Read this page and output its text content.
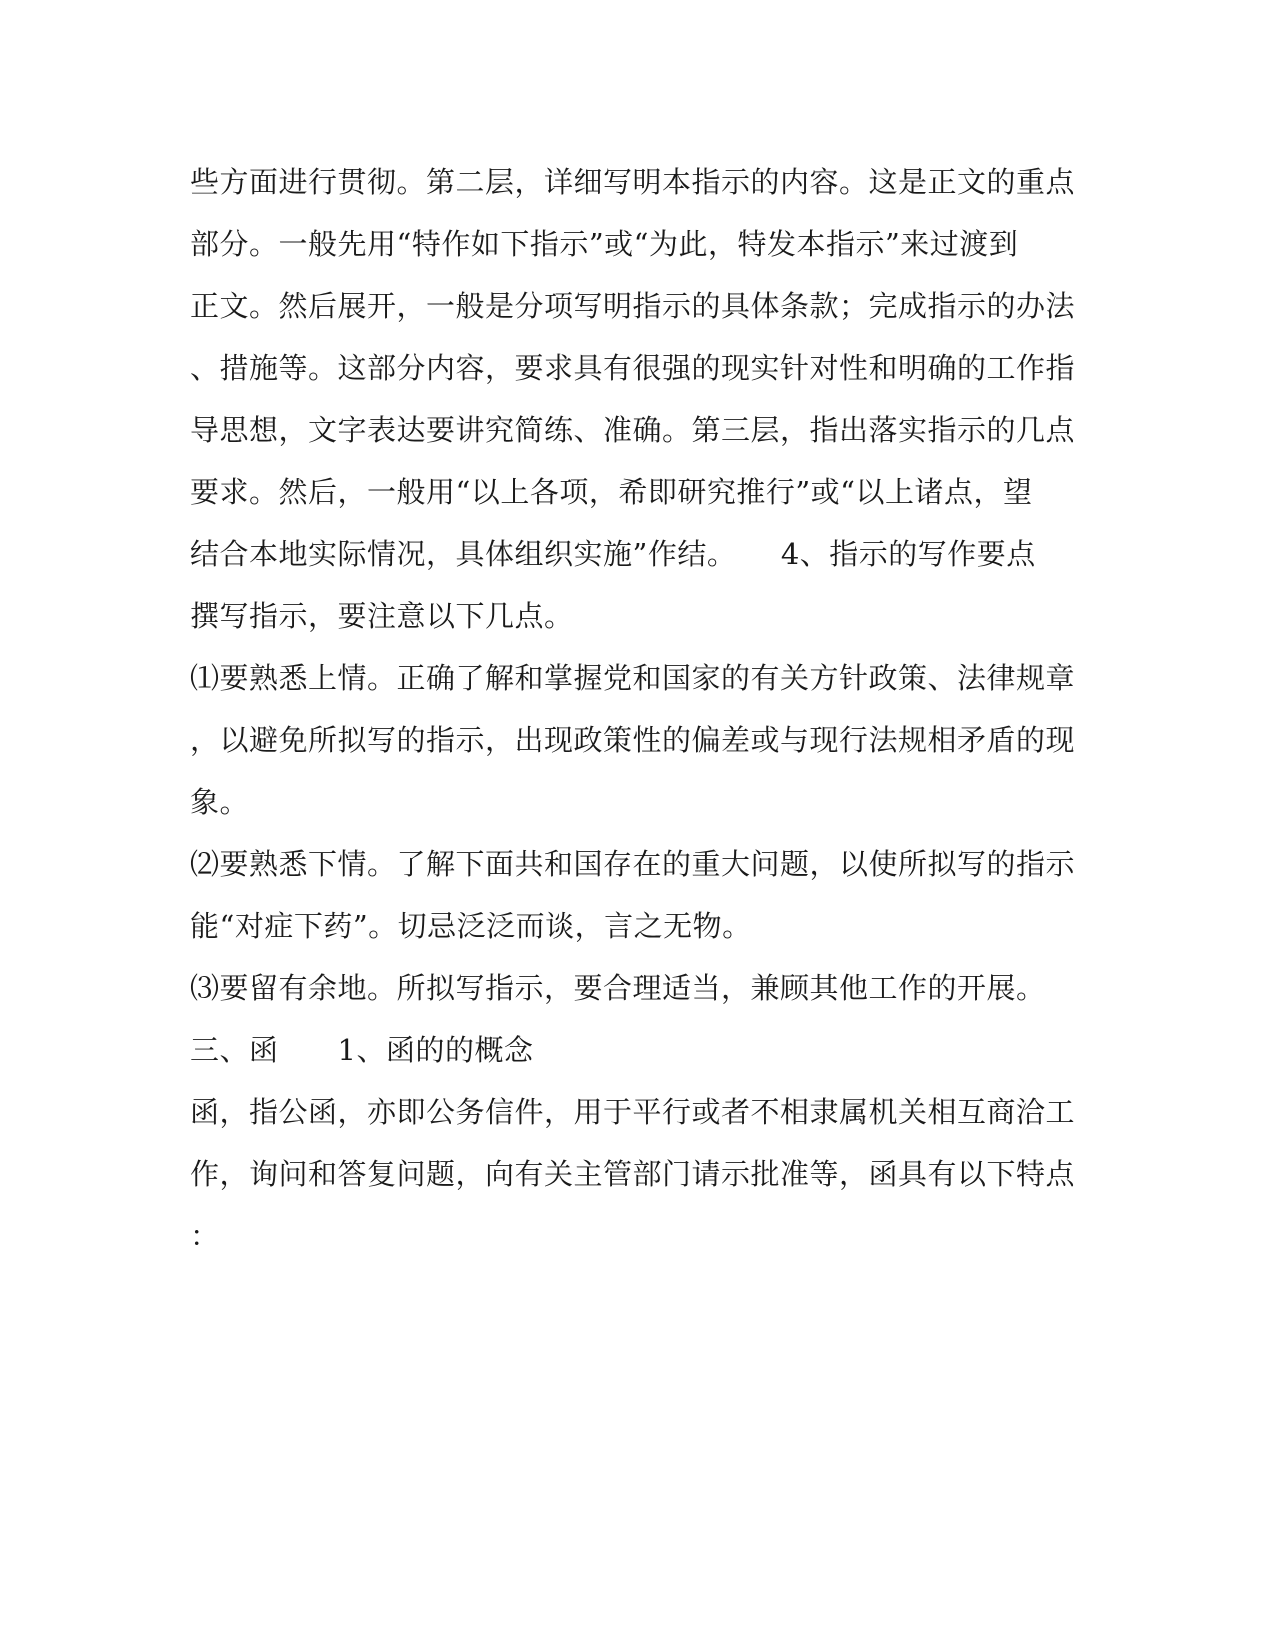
些方面进行贯彻。第二层，详细写明本指示的内容。这是正文的重点
部分。一般先用“特作如下指示”或“为此，特发本指示”来过渡到
正文。然后展开，一般是分项写明指示的具体条款；完成指示的办法
、措施等。这部分内容，要求具有很强的现实针对性和明确的工作指
导思想，文字表达要讲究简练、准确。第三层，指出落实指示的几点
要求。然后，一般用“以上各项，希即研究推行”或“以上诸点，望
结合本地实际情况，具体组织实施”作结。　　4、指示的写作要点
撰写指示，要注意以下几点。
⑴要熟悉上情。正确了解和掌握党和国家的有关方针政策、法律规章
，以避免所拟写的指示，出现政策性的偏差或与现行法规相矛盾的现
象。
⑵要熟悉下情。了解下面共和国存在的重大问题，以使所拟写的指示
能“对症下药”。切忌泛泛而谈，言之无物。
⑶要留有余地。所拟写指示，要合理适当，兼顾其他工作的开展。
三、函　　1、函的的概念
函，指公函，亦即公务信件，用于平行或者不相隶属机关相互商洽工
作，询问和答复问题，向有关主管部门请示批准等，函具有以下特点
：
